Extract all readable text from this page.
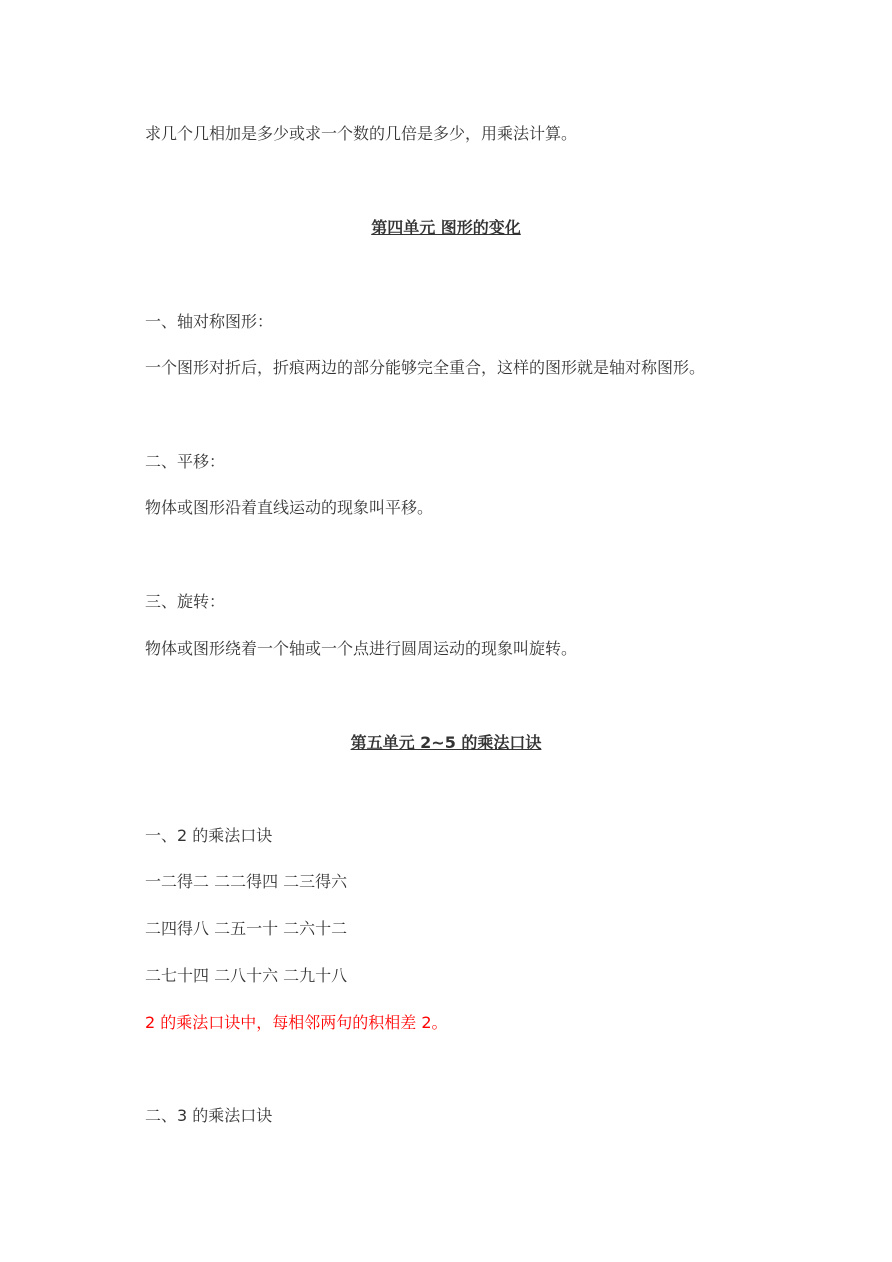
求几个几相加是多少或求一个数的几倍是多少，用乘法计算。

第四单元 图形的变化

一、轴对称图形：

一个图形对折后，折痕两边的部分能够完全重合，这样的图形就是轴对称图形。

二、平移：

物体或图形沿着直线运动的现象叫平移。

三、旋转：

物体或图形绕着一个轴或一个点进行圆周运动的现象叫旋转。

第五单元 2~5 的乘法口诀

一、2 的乘法口诀

一二得二 二二得四 二三得六

二四得八 二五一十 二六十二

二七十四 二八十六 二九十八

2 的乘法口诀中，每相邻两句的积相差 2。

二、3 的乘法口诀
